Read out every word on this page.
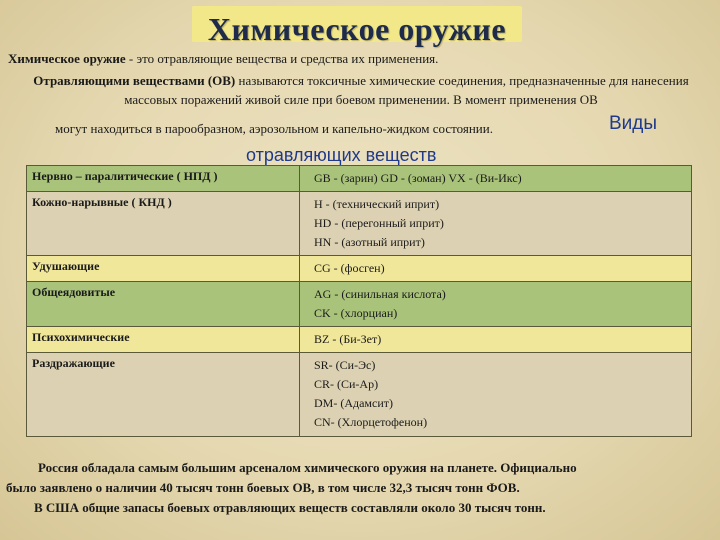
Химическое оружие
Химическое оружие - это отравляющие вещества и средства их применения.
Отравляющими веществами (ОВ) называются токсичные химические соединения, предназначенные для нанесения массовых поражений живой силе при боевом применении. В момент применения ОВ
могут находиться в парообразном, аэрозольном и капельно-жидком состоянии.	Виды
отравляющих веществ
Нервно – паралитические ( НПД )	GB - (зарин) GD - (зоман) VX - (Ви-Икс)

Кожно-нарывные ( КНД )	H - (технический иприт)
HD - (перегонный иприт)
HN - (азотный иприт)

Удушающие	CG - (фосген)

Общеядовитые	AG - (синильная кислота)
CK - (хлорциан)

Психохимические	BZ - (Би-Зет)

Раздражающие	SR- (Си-Эс)
CR- (Си-Ар)
DM- (Адамсит)
CN- (Хлорцетофенон)
Россия обладала самым большим арсеналом химического оружия на планете. Официально
было заявлено о наличии 40 тысяч тонн боевых ОВ, в том числе 32,3 тысяч тонн ФОВ.
В США общие запасы боевых отравляющих веществ составляли около 30 тысяч тонн.
